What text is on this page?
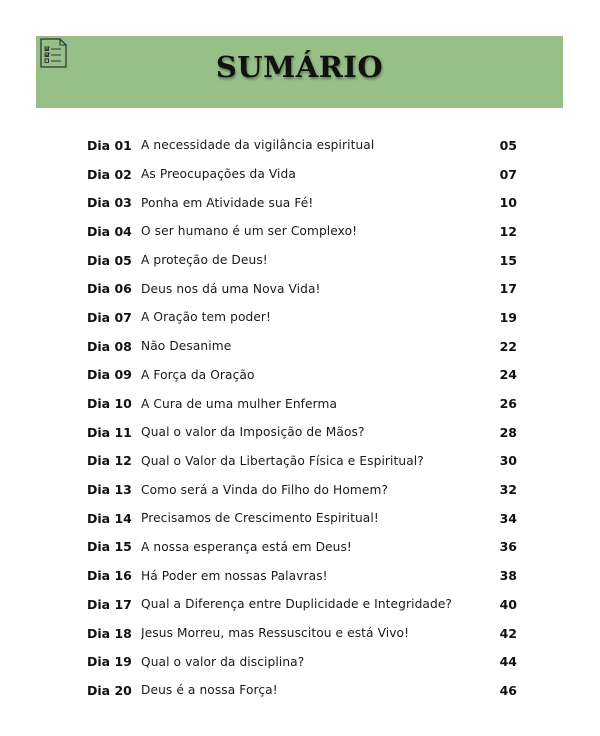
SUMÁRIO
Dia 01 A necessidade da vigilância espiritual	05
Dia 02 As Preocupações da Vida	07
Dia 03 Ponha em Atividade sua Fé!	10
Dia 04 O ser humano é um ser Complexo!	12
Dia 05 A proteção de Deus!	15
Dia 06 Deus nos dá uma Nova Vida!	17
Dia 07 A Oração tem poder!	19
Dia 08 Não Desanime	22
Dia 09 A Força da Oração	24
Dia 10 A Cura de uma mulher Enferma	26
Dia 11 Qual o valor da Imposição de Mãos?	28
Dia 12 Qual o Valor da Libertação Física e Espiritual?	30
Dia 13 Como será a Vinda do Filho do Homem?	32
Dia 14 Precisamos de Crescimento Espiritual!	34
Dia 15 A nossa esperança está em Deus!	36
Dia 16 Há Poder em nossas Palavras!	38
Dia 17 Qual a Diferença entre Duplicidade e Integridade?	40
Dia 18 Jesus Morreu, mas Ressuscitou e está Vivo!	42
Dia 19 Qual o valor da disciplina?	44
Dia 20 Deus é a nossa Força!	46
